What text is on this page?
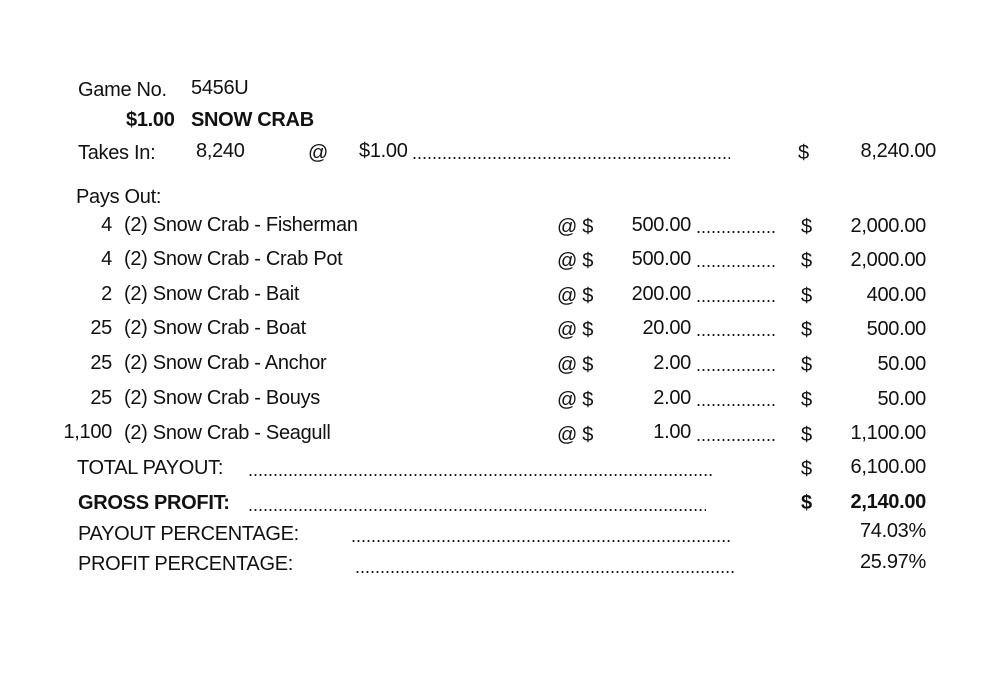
Game No. 5456U
$1.00 SNOW CRAB
Takes In: 8,240	@ $1.00 .....	$	8,240.00
Pays Out:
4 (2) Snow Crab - Fisherman	@ $	500.00 .....	$	2,000.00
4 (2) Snow Crab - Crab Pot	@ $	500.00 .....	$	2,000.00
2 (2) Snow Crab - Bait	@ $	200.00 .....	$	400.00
25 (2) Snow Crab - Boat	@ $	20.00 .....	$	500.00
25 (2) Snow Crab - Anchor	@ $	2.00 .....	$	50.00
25 (2) Snow Crab - Bouys	@ $	2.00 .....	$	50.00
1,100 (2) Snow Crab - Seagull	@ $	1.00 .....	$	1,100.00
TOTAL PAYOUT: .....	$	6,100.00
GROSS PROFIT: .....	$	2,140.00
PAYOUT PERCENTAGE: .....	74.03%
PROFIT PERCENTAGE: .....	25.97%
